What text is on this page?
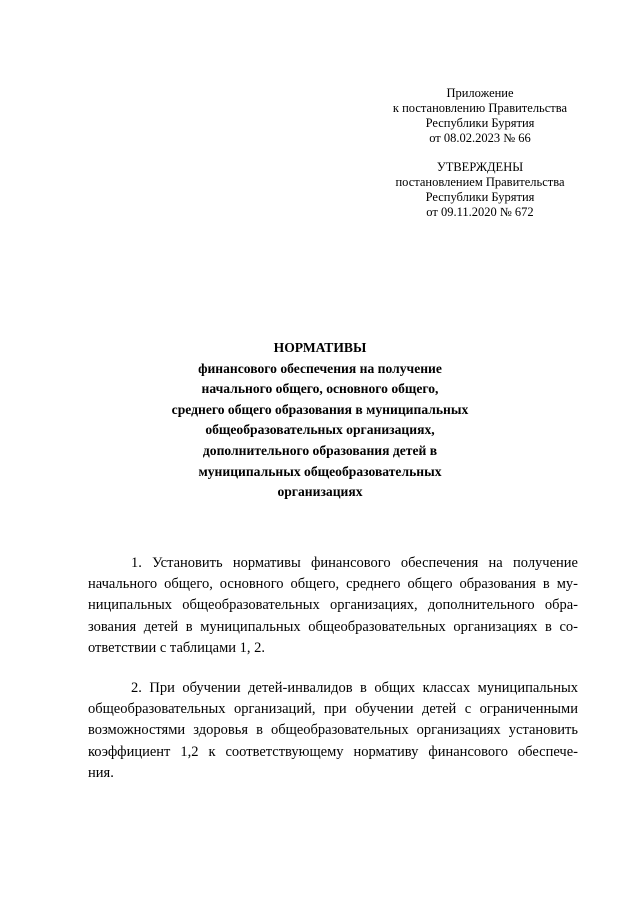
Приложение
к постановлению Правительства
Республики Бурятия
от 08.02.2023 № 66
УТВЕРЖДЕНЫ
постановлением Правительства
Республики Бурятия
от 09.11.2020 № 672
НОРМАТИВЫ
финансового обеспечения на получение
начального общего, основного общего,
среднего общего образования в муниципальных
общеобразовательных организациях,
дополнительного образования детей в
муниципальных общеобразовательных
организациях
1. Установить нормативы финансового обеспечения на получение
начального общего, основного общего, среднего общего образования в му-
ниципальных общеобразовательных организациях, дополнительного обра-
зования детей в муниципальных общеобразовательных организациях в со-
ответствии с таблицами 1, 2.
2. При обучении детей-инвалидов в общих классах муниципальных
общеобразовательных организаций, при обучении детей с ограниченными
возможностями здоровья в общеобразовательных организациях установить
коэффициент 1,2 к соответствующему нормативу финансового обеспече-
ния.
